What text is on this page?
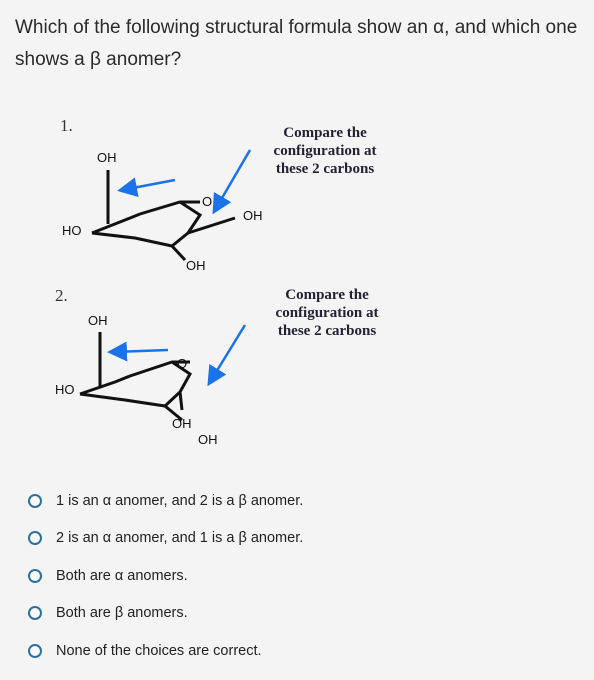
Which of the following structural formula show an α, and which one shows a β anomer?
1.
OH
HO
O
OH
OH
Compare the
configuration at
these 2 carbons
2.
OH
HO
O
OH
OH
Compare the
configuration at
these 2 carbons
1 is an α anomer, and 2 is a β anomer.
2 is an α anomer, and 1 is a β anomer.
Both are α anomers.
Both are β anomers.
None of the choices are correct.
